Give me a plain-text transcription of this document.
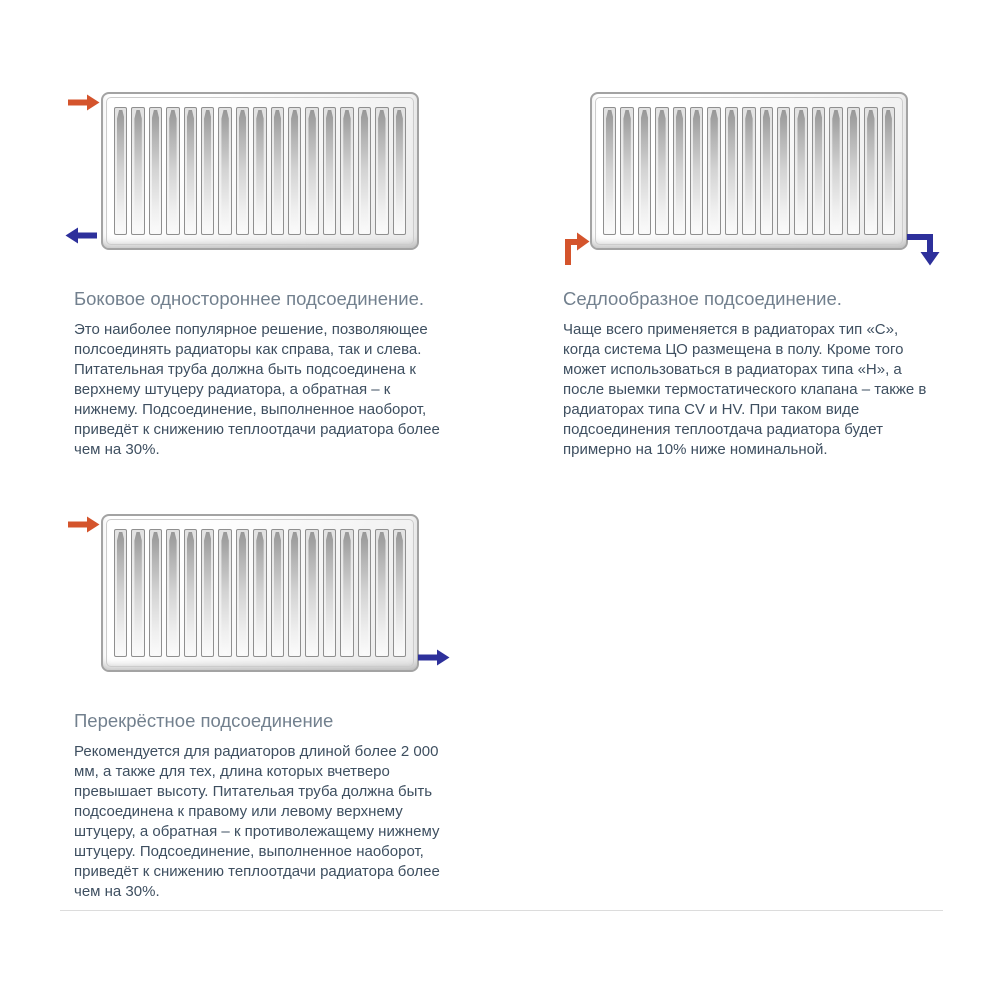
Боковое одностороннее подсоединение.

Это наиболее популярное решение, позволяющее полсоединять радиаторы как справа, так и слева. Питательная труба должна быть подсоединена к верхнему штуцеру радиатора, а обратная – к нижнему. Подсоединение, выполненное наоборот, приведёт к снижению теплоотдачи радиатора более чем на 30%.

Седлообразное подсоединение.

Чаще всего применяется в радиаторах тип «C», когда система ЦО размещена в полу. Кроме того может использоваться в радиаторах типа «H», а после выемки термостатического клапана – также в радиаторах типа CV и HV. При таком виде подсоединения теплоотдача радиатора будет примерно на 10% ниже номинальной.

Перекрёстное подсоединение

Рекомендуется для радиаторов длиной более 2 000 мм, а также для тех, длина которых вчетверо превышает высоту. Питательая труба должна быть подсоединена к правому или левому верхнему штуцеру, а обратная – к противолежащему нижнему штуцеру. Подсоединение, выполненное наоборот, приведёт к снижению теплоотдачи радиатора более чем на 30%.
